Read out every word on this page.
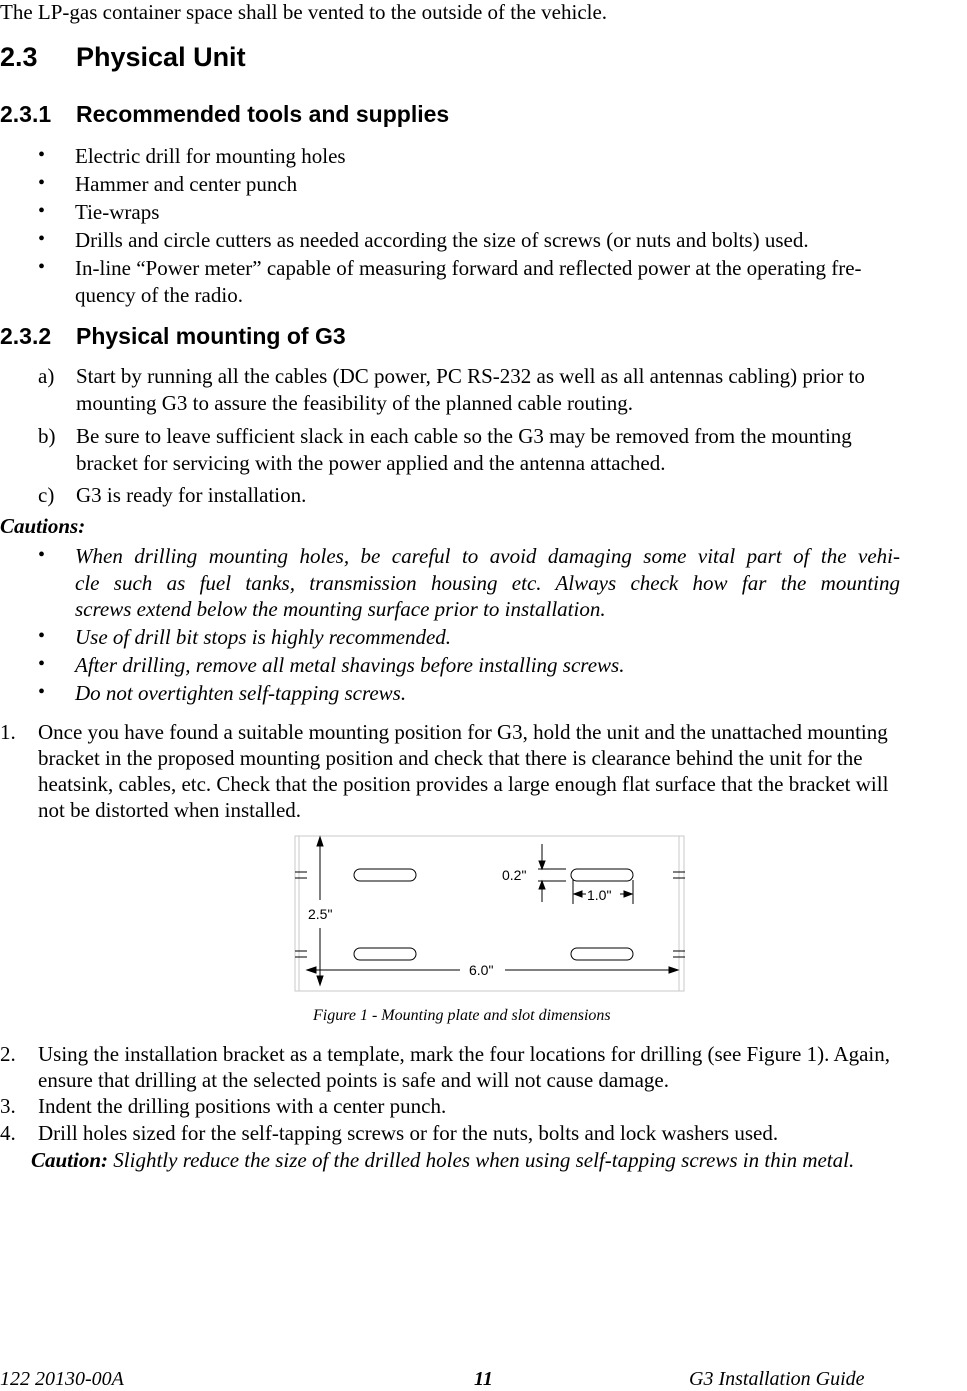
The LP-gas container space shall be vented to the outside of the vehicle.
2.3 Physical Unit
2.3.1 Recommended tools and supplies
• Electric drill for mounting holes
• Hammer and center punch
• Tie-wraps
• Drills and circle cutters as needed according the size of screws (or nuts and bolts) used.
• In-line “Power meter” capable of measuring forward and reflected power at the operating fre-
quency of the radio.
2.3.2 Physical mounting of G3
a) Start by running all the cables (DC power, PC RS-232 as well as all antennas cabling) prior to
mounting G3 to assure the feasibility of the planned cable routing.
b) Be sure to leave sufficient slack in each cable so the G3 may be removed from the mounting
bracket for servicing with the power applied and the antenna attached.
c) G3 is ready for installation.
Cautions:
• When drilling mounting holes, be careful to avoid damaging some vital part of the vehi-
cle such as fuel tanks, transmission housing etc. Always check how far the mounting
screws extend below the mounting surface prior to installation.
• Use of drill bit stops is highly recommended.
• After drilling, remove all metal shavings before installing screws.
• Do not overtighten self-tapping screws.
1. Once you have found a suitable mounting position for G3, hold the unit and the unattached mounting
bracket in the proposed mounting position and check that there is clearance behind the unit for the
heatsink, cables, etc. Check that the position provides a large enough flat surface that the bracket will
not be distorted when installed.
2.5"
6.0"
0.2"
1.0"
Figure 1 - Mounting plate and slot dimensions
2. Using the installation bracket as a template, mark the four locations for drilling (see Figure 1). Again,
ensure that drilling at the selected points is safe and will not cause damage.
3. Indent the drilling positions with a center punch.
4. Drill holes sized for the self-tapping screws or for the nuts, bolts and lock washers used.
Caution: Slightly reduce the size of the drilled holes when using self-tapping screws in thin metal.
122 20130-00A	11	G3 Installation Guide
